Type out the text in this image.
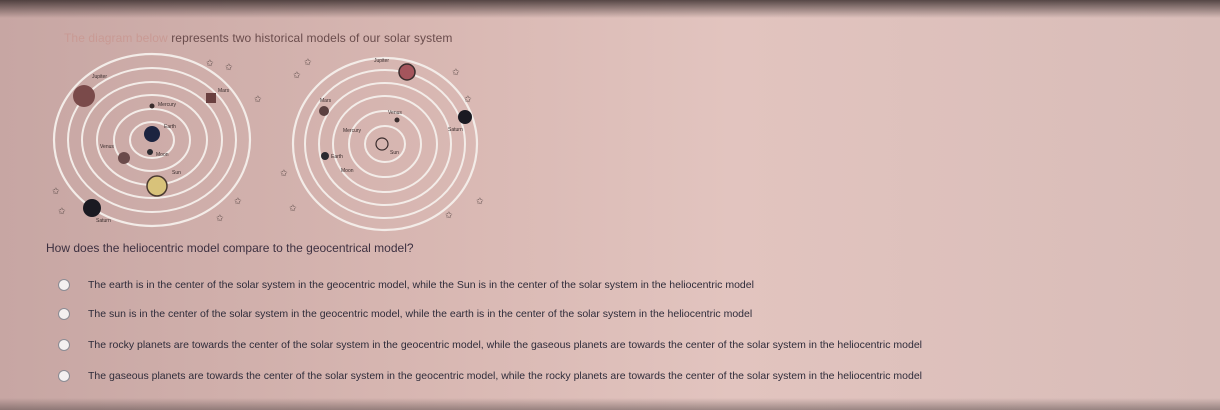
The diagram below represents two historical models of our solar system
Earth
Jupiter
Mars
Mercury
Venus
Moon
Sun
Saturn
Sun
Jupiter
Mars
Venus
Mercury
Earth
Moon
Saturn
✩ ✩
✩
✩
✩
✩
✩
✩
✩	✩
✩
✩
✩
✩
✩
How does the heliocentric model compare to the geocentrical model?
The earth is in the center of the solar system in the geocentric model, while the Sun is in the center of the solar system in the heliocentric model
The sun is in the center of the solar system in the geocentric model, while the earth is in the center of the solar system in the heliocentric model
The rocky planets are towards the center of the solar system in the geocentric model, while the gaseous planets are towards the center of the solar system in the heliocentric model
The gaseous planets are towards the center of the solar system in the geocentric model, while the rocky planets are towards the center of the solar system in the heliocentric model
